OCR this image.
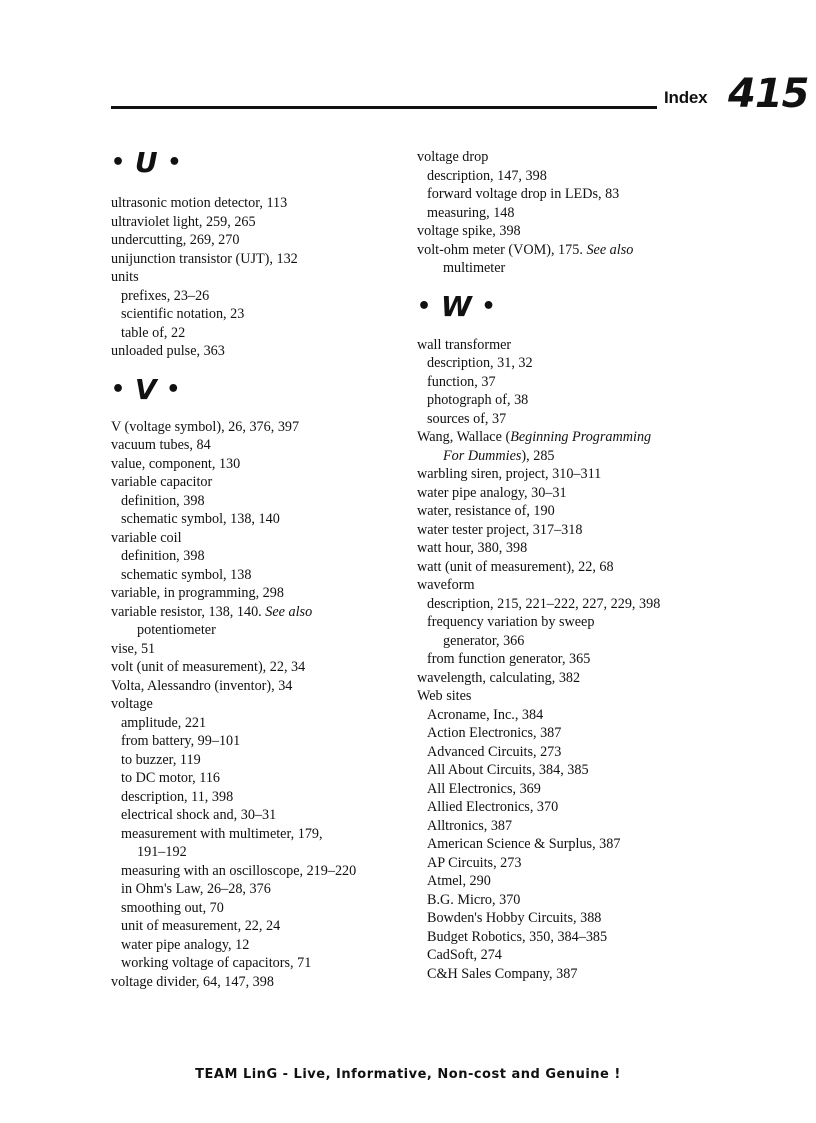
Index 415
• U •
ultrasonic motion detector, 113
ultraviolet light, 259, 265
undercutting, 269, 270
unijunction transistor (UJT), 132
units
prefixes, 23–26
scientific notation, 23
table of, 22
unloaded pulse, 363
• V •
V (voltage symbol), 26, 376, 397
vacuum tubes, 84
value, component, 130
variable capacitor
definition, 398
schematic symbol, 138, 140
variable coil
definition, 398
schematic symbol, 138
variable, in programming, 298
variable resistor, 138, 140. See also
potentiometer
vise, 51
volt (unit of measurement), 22, 34
Volta, Alessandro (inventor), 34
voltage
amplitude, 221
from battery, 99–101
to buzzer, 119
to DC motor, 116
description, 11, 398
electrical shock and, 30–31
measurement with multimeter, 179,
191–192
measuring with an oscilloscope, 219–220
in Ohm's Law, 26–28, 376
smoothing out, 70
unit of measurement, 22, 24
water pipe analogy, 12
working voltage of capacitors, 71
voltage divider, 64, 147, 398
voltage drop
description, 147, 398
forward voltage drop in LEDs, 83
measuring, 148
voltage spike, 398
volt-ohm meter (VOM), 175. See also
multimeter
• W •
wall transformer
description, 31, 32
function, 37
photograph of, 38
sources of, 37
Wang, Wallace (Beginning Programming
For Dummies), 285
warbling siren, project, 310–311
water pipe analogy, 30–31
water, resistance of, 190
water tester project, 317–318
watt hour, 380, 398
watt (unit of measurement), 22, 68
waveform
description, 215, 221–222, 227, 229, 398
frequency variation by sweep
generator, 366
from function generator, 365
wavelength, calculating, 382
Web sites
Acroname, Inc., 384
Action Electronics, 387
Advanced Circuits, 273
All About Circuits, 384, 385
All Electronics, 369
Allied Electronics, 370
Alltronics, 387
American Science & Surplus, 387
AP Circuits, 273
Atmel, 290
B.G. Micro, 370
Bowden's Hobby Circuits, 388
Budget Robotics, 350, 384–385
CadSoft, 274
C&H Sales Company, 387
TEAM LinG - Live, Informative, Non-cost and Genuine !
